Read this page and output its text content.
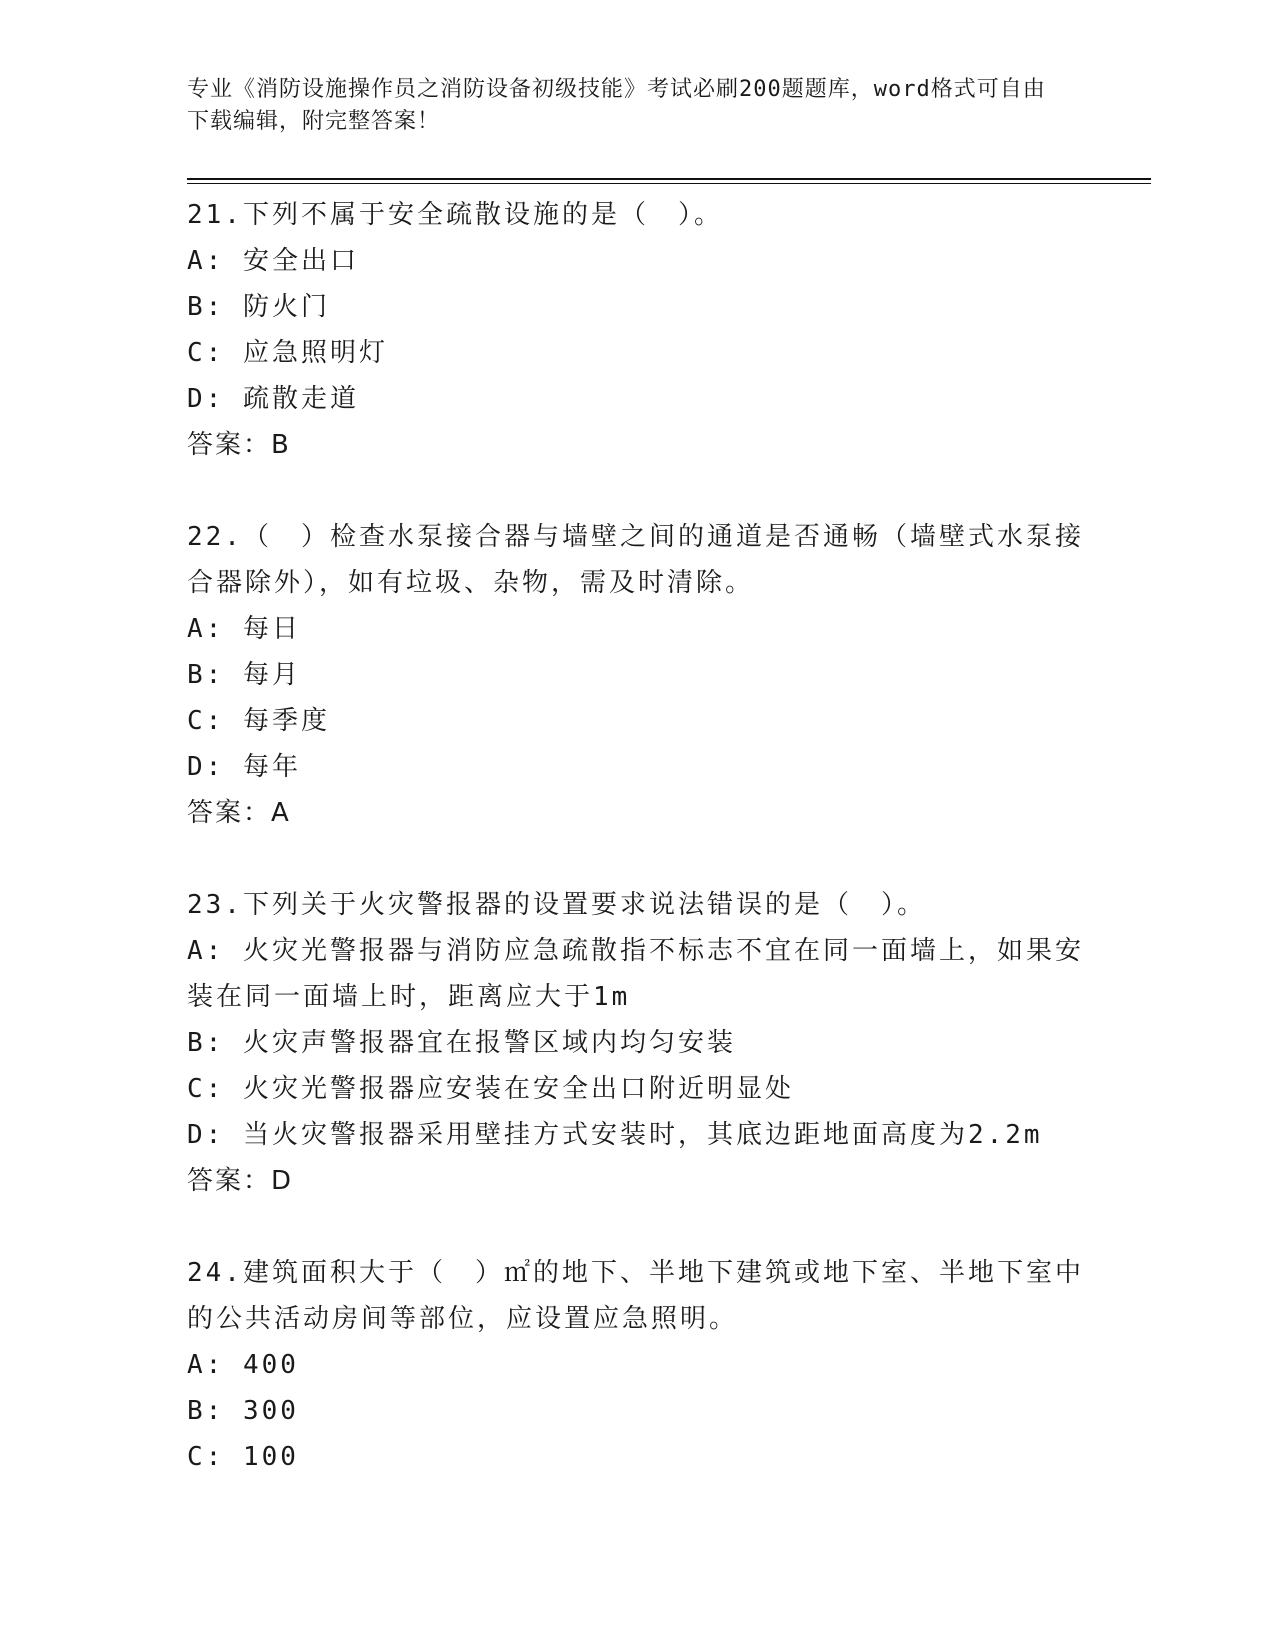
专业《消防设施操作员之消防设备初级技能》考试必刷200题题库，word格式可自由下载编辑，附完整答案！

21.下列不属于安全疏散设施的是（　）。

A: 安全出口

B: 防火门

C: 应急照明灯

D: 疏散走道

答案：B

22.（　）检查水泵接合器与墙壁之间的通道是否通畅（墙壁式水泵接合器除外），如有垃圾、杂物，需及时清除。

A: 每日

B: 每月

C: 每季度

D: 每年

答案：A

23.下列关于火灾警报器的设置要求说法错误的是（　）。

A: 火灾光警报器与消防应急疏散指不标志不宜在同一面墙上，如果安装在同一面墙上时，距离应大于1m

B: 火灾声警报器宜在报警区域内均匀安装

C: 火灾光警报器应安装在安全出口附近明显处

D: 当火灾警报器采用壁挂方式安装时，其底边距地面高度为2.2m

答案：D

24.建筑面积大于（　）㎡的地下、半地下建筑或地下室、半地下室中的公共活动房间等部位，应设置应急照明。

A: 400

B: 300

C: 100
